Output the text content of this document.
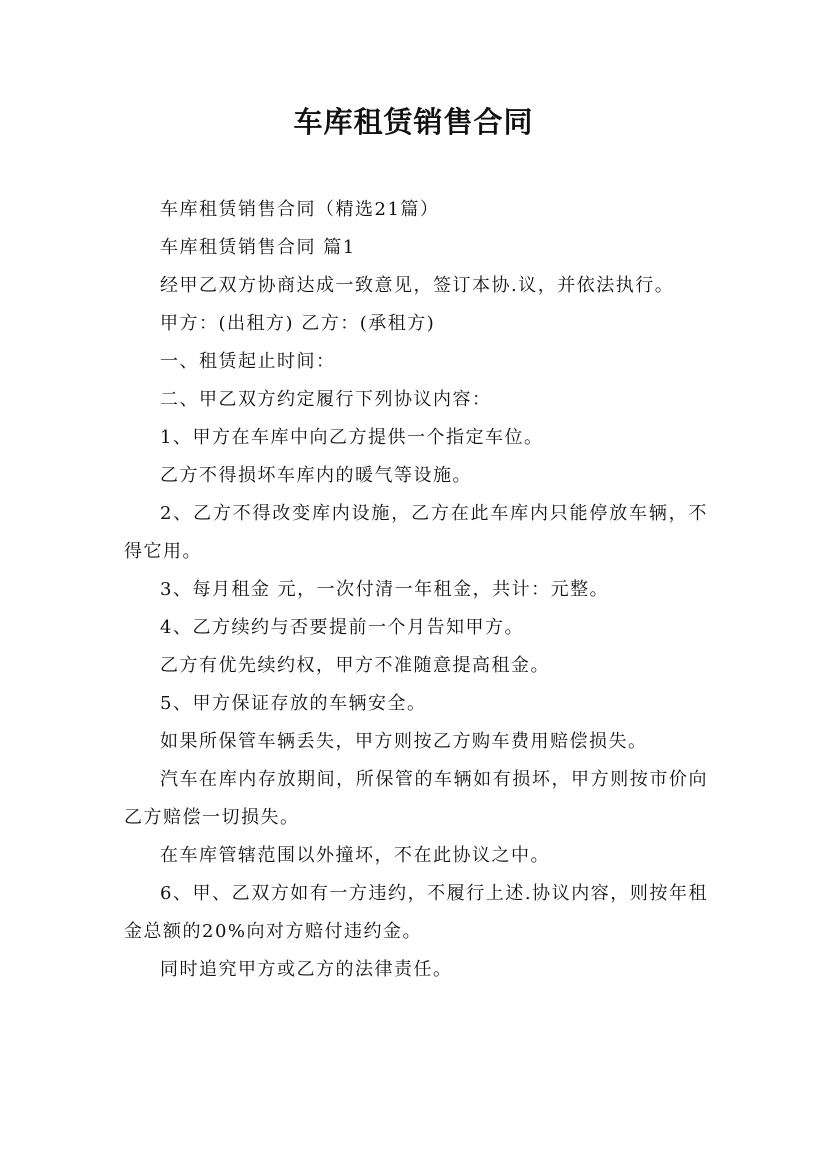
车库租赁销售合同

车库租赁销售合同（精选21篇）

车库租赁销售合同 篇1

经甲乙双方协商达成一致意见，签订本协.议，并依法执行。

甲方：(出租方) 乙方：(承租方)

一、租赁起止时间：

二、甲乙双方约定履行下列协议内容：

1、甲方在车库中向乙方提供一个指定车位。

乙方不得损坏车库内的暖气等设施。

2、乙方不得改变库内设施，乙方在此车库内只能停放车辆，不得它用。

3、每月租金 元，一次付清一年租金，共计：元整。

4、乙方续约与否要提前一个月告知甲方。

乙方有优先续约权，甲方不准随意提高租金。

5、甲方保证存放的车辆安全。

如果所保管车辆丢失，甲方则按乙方购车费用赔偿损失。

汽车在库内存放期间，所保管的车辆如有损坏，甲方则按市价向乙方赔偿一切损失。

在车库管辖范围以外撞坏，不在此协议之中。

6、甲、乙双方如有一方违约，不履行上述.协议内容，则按年租金总额的20%向对方赔付违约金。

同时追究甲方或乙方的法律责任。
